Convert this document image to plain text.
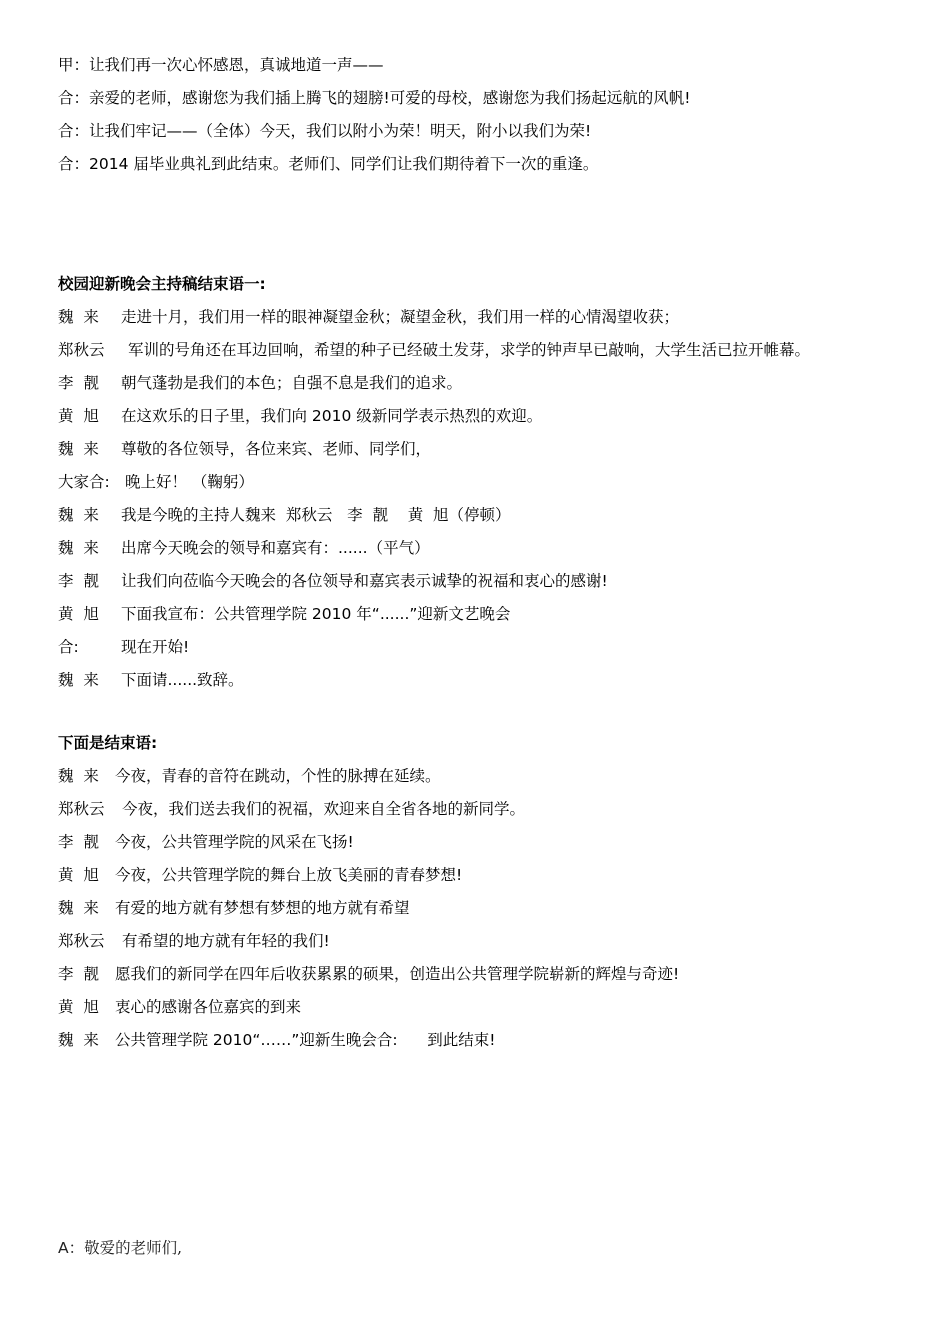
甲：让我们再一次心怀感恩，真诚地道一声——
合：亲爱的老师，感谢您为我们插上腾飞的翅膀!可爱的母校，感谢您为我们扬起远航的风帆!
合：让我们牢记——（全体）今天，我们以附小为荣！明天，附小以我们为荣!
合：2014 届毕业典礼到此结束。老师们、同学们让我们期待着下一次的重逢。
校园迎新晚会主持稿结束语一:
魏  来 走进十月，我们用一样的眼神凝望金秋；凝望金秋，我们用一样的心情渴望收获；
郑秋云 军训的号角还在耳边回响，希望的种子已经破土发芽，求学的钟声早已敲响，大学生活已拉开帷幕。
李  靓 朝气蓬勃是我们的本色；自强不息是我们的追求。
黄  旭 在这欢乐的日子里，我们向 2010 级新同学表示热烈的欢迎。
魏  来 尊敬的各位领导，各位来宾、老师、同学们，
大家合: 晚上好！ （鞠躬）
魏  来 我是今晚的主持人魏来  郑秋云   李  靓    黄  旭（停顿）
魏  来 出席今天晚会的领导和嘉宾有：......（平气）
李  靓 让我们向莅临今天晚会的各位领导和嘉宾表示诚挚的祝福和衷心的感谢!
黄  旭 下面我宣布：公共管理学院 2010 年“......”迎新文艺晚会
合:	现在开始!
魏  来 下面请......致辞。
下面是结束语:
魏  来 今夜，青春的音符在跳动，个性的脉搏在延续。
郑秋云 今夜，我们送去我们的祝福，欢迎来自全省各地的新同学。
李  靓 今夜，公共管理学院的风采在飞扬!
黄  旭 今夜，公共管理学院的舞台上放飞美丽的青春梦想!
魏  来 有爱的地方就有梦想有梦想的地方就有希望
郑秋云 有希望的地方就有年轻的我们!
李  靓 愿我们的新同学在四年后收获累累的硕果，创造出公共管理学院崭新的辉煌与奇迹!
黄  旭 衷心的感谢各位嘉宾的到来
魏  来 公共管理学院 2010“……”迎新生晚会合:      到此结束!
A：敬爱的老师们,
